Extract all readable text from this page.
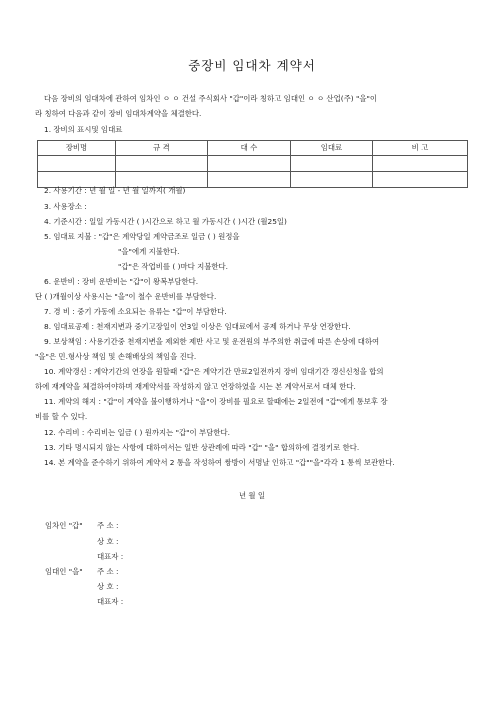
중장비 임대차 계약서
다음 장비의 임대차에 관하여 임차인 ㅇ ㅇ 건설 주식회사 "갑"이라 칭하고 임대인 ㅇ ㅇ 산업(주) "을"이
라 칭하여 다음과 같이 장비 임대차계약을 체결한다.
1. 장비의 표시및 임대료
장비명	규 격	대 수	임대료	비 고

2. 사용기간 : 년 월 일 - 년 월 일까지( 개월)
3. 사용장소 :
4. 기준시간 : 일일 가동시간 ( )시간으로 하고 월 가동시간 ( )시간 (월25일)
5. 임대료 지불 : "갑"은 계약당일 계약금조로 일금 ( ) 원정을
"을"에게 지불한다.
"갑"은 작업비를 ( )마다 지불한다.
6. 운반비 : 장비 운반비는 "갑"이 왕복부담한다.
단 ( )개월이상 사용시는 "을"이 철수 운반비를 부담한다.
7. 경 비 : 중기 가동에 소요되는 유류는 "갑"이 부담한다.
8. 임대료공제 : 천재지변과 중기고장일이 연3일 이상은 임대료에서 공제 하거나 무상 연장한다.
9. 보상책임 : 사용기간중 천재지변을 제외한 제반 사고 및 운전원의 부주의한 취급에 따른 손상에 대하여
"을"은 민.형사상 책임 및 손해배상의 책임을 진다.
10. 계약갱신 : 계약기간의 연장을 원할때 "갑"은 계약기간 만료2일전까지 장비 임대기간 갱신신청을 합의
하에 재계약을 체결하여야하며 재계약서를 작성하지 않고 연장하였을 시는 본 계약서로서 대체 한다.
11. 계약의 해지 : "갑"이 계약을 불이행하거나 "을"이 장비를 필요로 할때에는 2일전에 "갑"에게 통보후 장
비를 할 수 있다.
12. 수리비 : 수리비는 일금 ( ) 원까지는 "갑"이 부담한다.
13. 기타 명시되지 않는 사항에 대하여서는 일반 상관례에 따라 "갑" "을" 합의하에 결정키로 한다.
14. 본 계약을 준수하기 위하여 계약서 2 통을 작성하여 쌍방이 서명날 인하고 "갑""을"각각 1 통씩 보관한다.
년 월 일
임차인 "갑" 주 소 :
상 호 :
대표자 :
임대인 "을" 주 소 :
상 호 :
대표자 :
